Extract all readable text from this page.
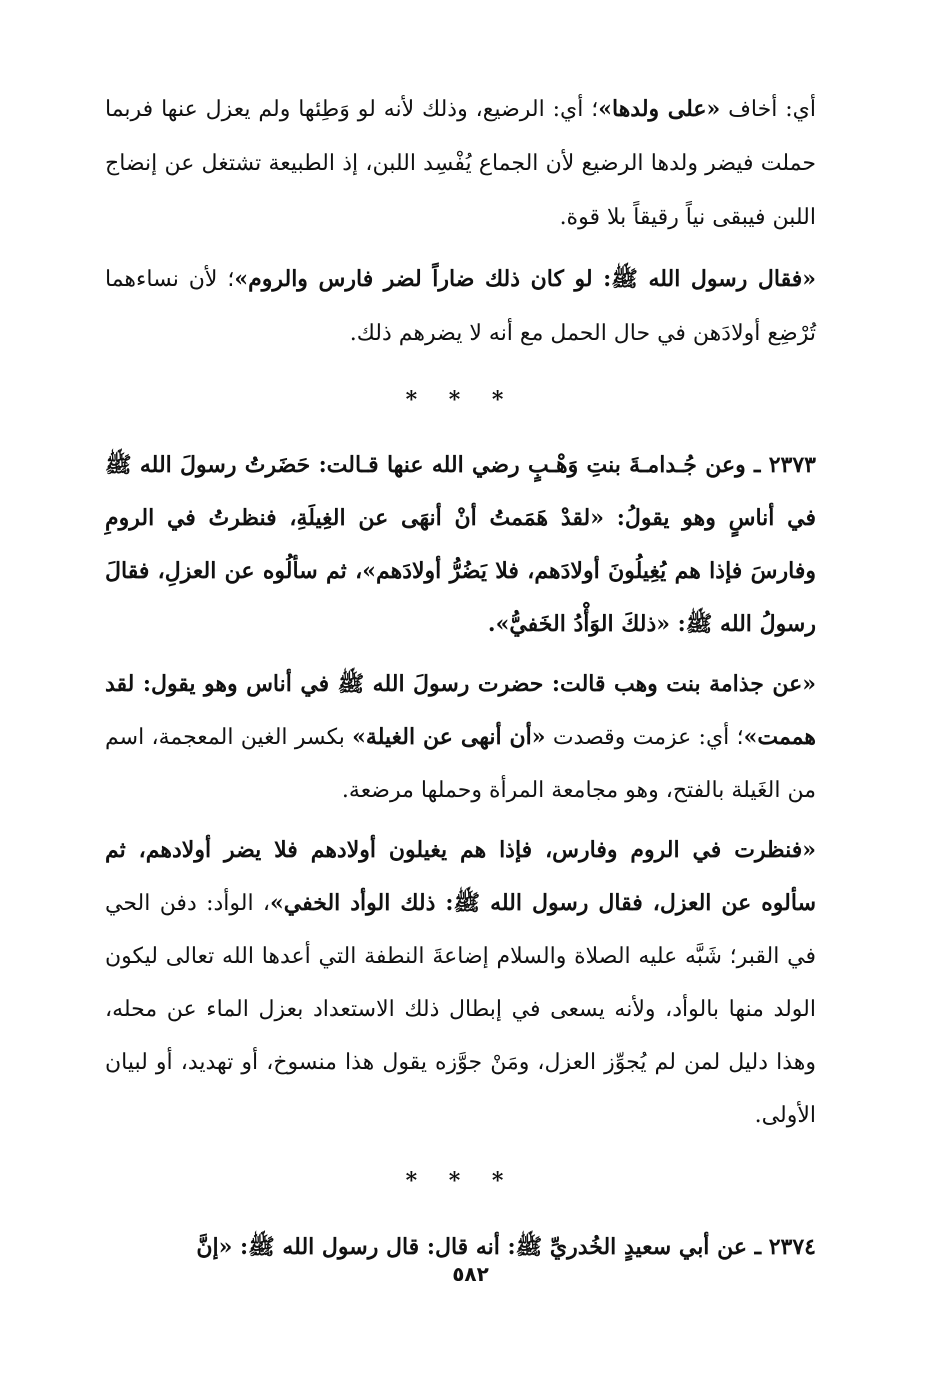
أي: أخاف «على ولدها»؛ أي: الرضيع، وذلك لأنه لو وَطِئها ولم يعزل عنها فربما حملت فيضر ولدها الرضيع لأن الجماع يُفْسِد اللبن، إذ الطبيعة تشتغل عن إنضاج اللبن فيبقى نياً رقيقاً بلا قوة.

«فقال رسول الله ﷺ: لو كان ذلك ضاراً لضر فارس والروم»؛ لأن نساءهما تُرْضِع أولادَهن في حال الحمل مع أنه لا يضرهم ذلك.

* * *

٢٣٧٣ ـ وعن جُـدامـةَ بنتِ وَهْـبٍ رضي الله عنها قـالت: حَضَرتُ رسولَ الله ﷺ في أناسٍ وهو يقولُ: «لقدْ هَمَمتُ أنْ أنهَى عن الغِيلَةِ، فنظرتُ في الرومِ وفارسَ فإذا هم يُغِيلُونَ أولادَهم، فلا يَضُرُّ أولادَهم»، ثم سألُوه عن العزلِ، فقالَ رسولُ الله ﷺ: «ذلكَ الوَأْدُ الخَفيُّ».

«عن جذامة بنت وهب قالت: حضرت رسولَ الله ﷺ في أناس وهو يقول: لقد هممت»؛ أي: عزمت وقصدت «أن أنهى عن الغيلة» بكسر الغين المعجمة، اسم من الغَيلة بالفتح، وهو مجامعة المرأة وحملها مرضعة.

«فنظرت في الروم وفارس، فإذا هم يغيلون أولادهم فلا يضر أولادهم، ثم سألوه عن العزل، فقال رسول الله ﷺ: ذلك الوأد الخفي»، الوأد: دفن الحي في القبر؛ شَبَّه عليه الصلاة والسلام إضاعةَ النطفة التي أعدها الله تعالى ليكون الولد منها بالوأد، ولأنه يسعى في إبطال ذلك الاستعداد بعزل الماء عن محله، وهذا دليل لمن لم يُجوِّز العزل، ومَنْ جوَّزه يقول هذا منسوخ، أو تهديد، أو لبيان الأولى.

* * *

٢٣٧٤ ـ عن أبي سعيدٍ الخُدريِّ ﷺ: أنه قال: قال رسول الله ﷺ: «إنَّ

٥٨٢
